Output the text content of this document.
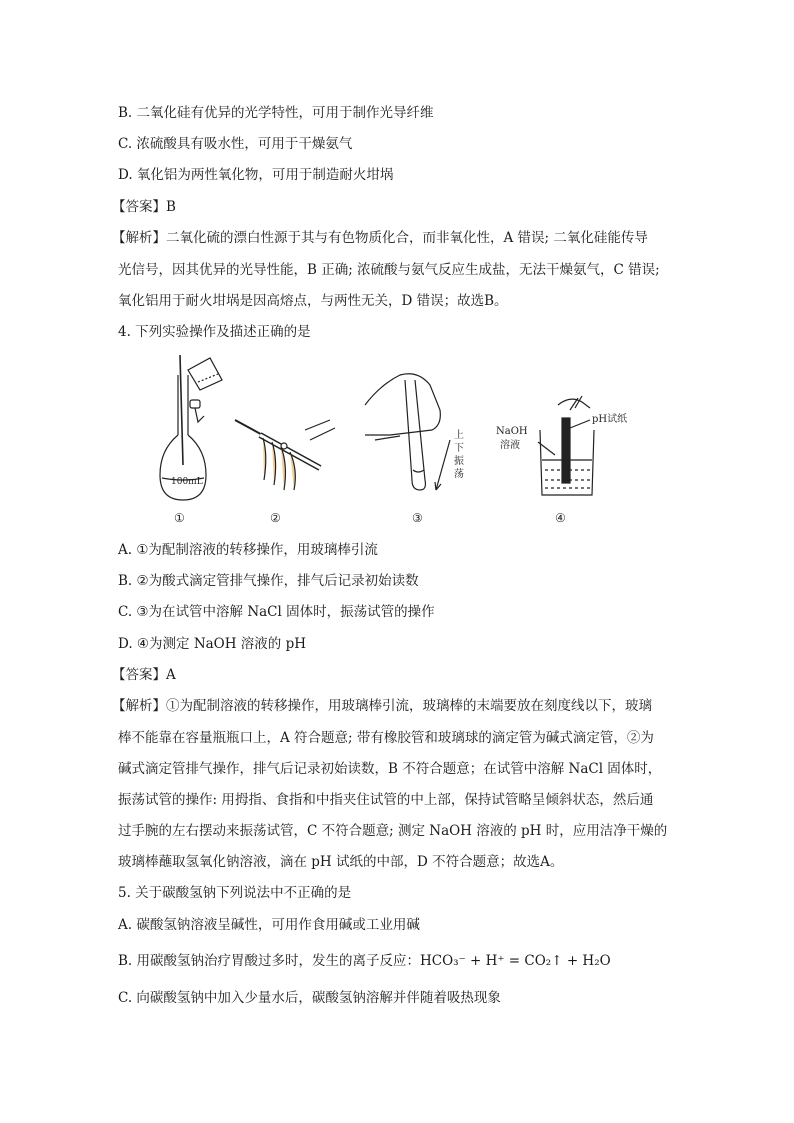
B. 二氧化硅有优异的光学特性，可用于制作光导纤维
C. 浓硫酸具有吸水性，可用于干燥氨气
D. 氧化铝为两性氧化物，可用于制造耐火坩埚
【答案】B
【解析】二氧化硫的漂白性源于其与有色物质化合，而非氧化性，A 错误; 二氧化硅能传导
光信号，因其优异的光导性能，B 正确; 浓硫酸与氨气反应生成盐，无法干燥氨气，C 错误;
氧化铝用于耐火坩埚是因高熔点，与两性无关，D 错误；故选B。
4. 下列实验操作及描述正确的是
100mL
上
下
振
荡
pH试纸
NaOH
溶液
①	②	③	④
A. ①为配制溶液的转移操作，用玻璃棒引流
B. ②为酸式滴定管排气操作，排气后记录初始读数
C. ③为在试管中溶解 NaCl 固体时，振荡试管的操作
D. ④为测定 NaOH 溶液的 pH
【答案】A
【解析】①为配制溶液的转移操作，用玻璃棒引流，玻璃棒的末端要放在刻度线以下，玻璃
棒不能靠在容量瓶瓶口上，A 符合题意; 带有橡胶管和玻璃球的滴定管为碱式滴定管，②为
碱式滴定管排气操作，排气后记录初始读数，B 不符合题意；在试管中溶解 NaCl 固体时，
振荡试管的操作: 用拇指、食指和中指夹住试管的中上部，保持试管略呈倾斜状态，然后通
过手腕的左右摆动来振荡试管，C 不符合题意; 测定 NaOH 溶液的 pH 时，应用洁净干燥的
玻璃棒蘸取氢氧化钠溶液，滴在 pH 试纸的中部，D 不符合题意；故选A。
5. 关于碳酸氢钠下列说法中不正确的是
A. 碳酸氢钠溶液呈碱性，可用作食用碱或工业用碱
B. 用碳酸氢钠治疗胃酸过多时，发生的离子反应：HCO₃⁻ + H⁺ = CO₂↑ + H₂O
C. 向碳酸氢钠中加入少量水后，碳酸氢钠溶解并伴随着吸热现象
